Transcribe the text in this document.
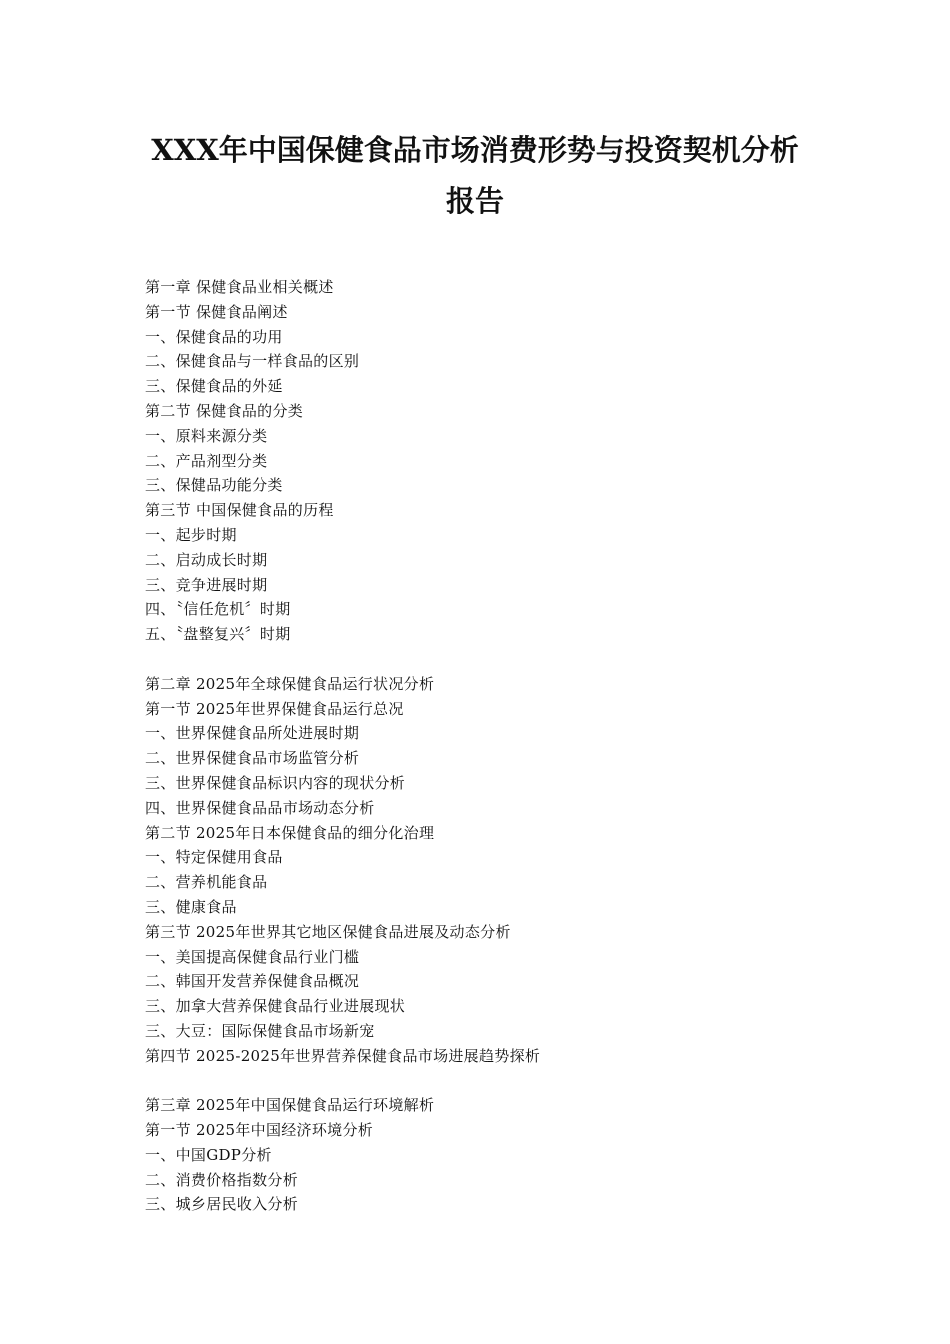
XXX年中国保健食品市场消费形势与投资契机分析
报告
第一章 保健食品业相关概述
第一节 保健食品阐述
一、保健食品的功用
二、保健食品与一样食品的区别
三、保健食品的外延
第二节 保健食品的分类
一、原料来源分类
二、产品剂型分类
三、保健品功能分类
第三节 中国保健食品的历程
一、起步时期
二、启动成长时期
三、竞争进展时期
四、〝信任危机〞时期
五、〝盘整复兴〞时期
第二章 2025年全球保健食品运行状况分析
第一节 2025年世界保健食品运行总况
一、世界保健食品所处进展时期
二、世界保健食品市场监管分析
三、世界保健食品标识内容的现状分析
四、世界保健食品品市场动态分析
第二节 2025年日本保健食品的细分化治理
一、特定保健用食品
二、营养机能食品
三、健康食品
第三节 2025年世界其它地区保健食品进展及动态分析
一、美国提高保健食品行业门槛
二、韩国开发营养保健食品概况
三、加拿大营养保健食品行业进展现状
三、大豆：国际保健食品市场新宠
第四节 2025-2025年世界营养保健食品市场进展趋势探析
第三章 2025年中国保健食品运行环境解析
第一节 2025年中国经济环境分析
一、中国GDP分析
二、消费价格指数分析
三、城乡居民收入分析
